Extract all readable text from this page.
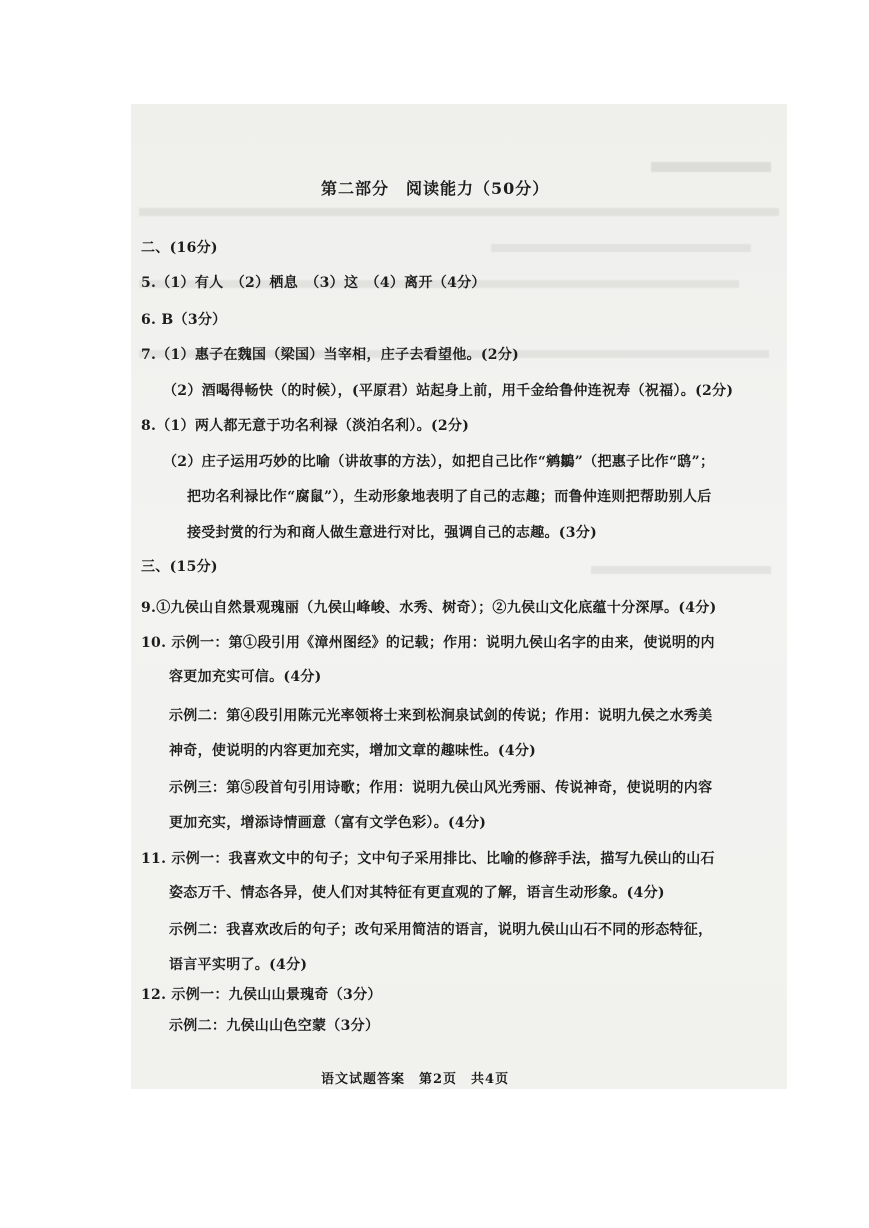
第二部分　阅读能力（50分）
二、(16分)
5.（1）有人　（2）栖息　（3）这　（4）离开（4分）
6. B（3分）
7.（1）惠子在魏国（梁国）当宰相，庄子去看望他。(2分)
（2）酒喝得畅快（的时候），(平原君）站起身上前，用千金给鲁仲连祝寿（祝福）。(2分)
8.（1）两人都无意于功名利禄（淡泊名利）。(2分)
（2）庄子运用巧妙的比喻（讲故事的方法），如把自己比作“鹓鶵”（把惠子比作“鸱”；
把功名利禄比作“腐鼠”），生动形象地表明了自己的志趣；而鲁仲连则把帮助别人后
接受封赏的行为和商人做生意进行对比，强调自己的志趣。(3分)
三、(15分)
9.①九侯山自然景观瑰丽（九侯山峰峻、水秀、树奇）；②九侯山文化底蕴十分深厚。(4分)
10. 示例一：第①段引用《漳州图经》的记载；作用：说明九侯山名字的由来，使说明的内
容更加充实可信。(4分)
示例二：第④段引用陈元光率领将士来到松涧泉试剑的传说；作用：说明九侯之水秀美
神奇，使说明的内容更加充实，增加文章的趣味性。(4分)
示例三：第⑤段首句引用诗歌；作用：说明九侯山风光秀丽、传说神奇，使说明的内容
更加充实，增添诗情画意（富有文学色彩）。(4分)
11. 示例一：我喜欢文中的句子；文中句子采用排比、比喻的修辞手法，描写九侯山的山石
姿态万千、情态各异，使人们对其特征有更直观的了解，语言生动形象。(4分)
示例二：我喜欢改后的句子；改句采用简洁的语言，说明九侯山山石不同的形态特征，
语言平实明了。(4分)
12. 示例一：九侯山山景瑰奇（3分）
示例二：九侯山山色空蒙（3分）
语文试题答案　第2页　共4页
